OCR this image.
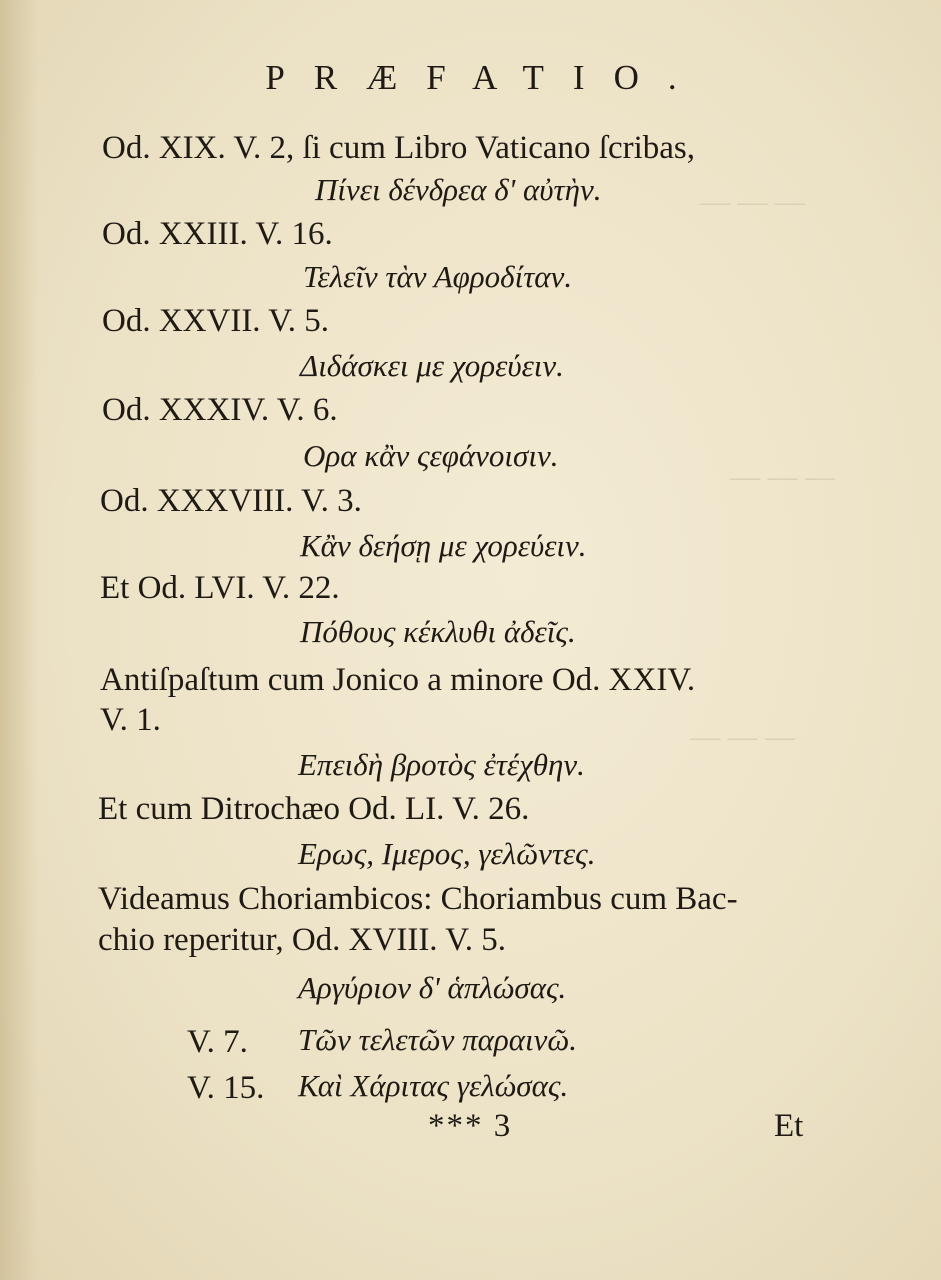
— — —
— — —
— — —
PRÆFATIO.
Od. XIX. V. 2, ſi cum Libro Vaticano ſcribas,
Πίνει δένδρεα δ' αὐτὴν.
Od. XXIII. V. 16.
Τελεῖν τὰν Αφροδίταν.
Od. XXVII. V. 5.
Διδάσκει με χορεύειν.
Od. XXXIV. V. 6.
Ορα κἂν ςεφάνοισιν.
Od. XXXVIII. V. 3.
Κἂν δεήσῃ με χορεύειν.
Et Od. LVI. V. 22.
Πόθους κέκλυθι ἀδεῖς.
Antiſpaſtum cum Jonico a minore Od. XXIV.
V. 1.
Επειδὴ βροτὸς ἐτέχθην.
Et cum Ditrochæo Od. LI. V. 26.
Ερως, Ιμερος, γελῶντες.
Videamus Choriambicos: Choriambus cum Bac-
chio reperitur, Od. XVIII. V. 5.
Αργύριον δ' ἁπλώσας.
V. 7. Τῶν τελετῶν παραινῶ.
V. 15. Καὶ Χάριτας γελώσας.
*** 3	Et
